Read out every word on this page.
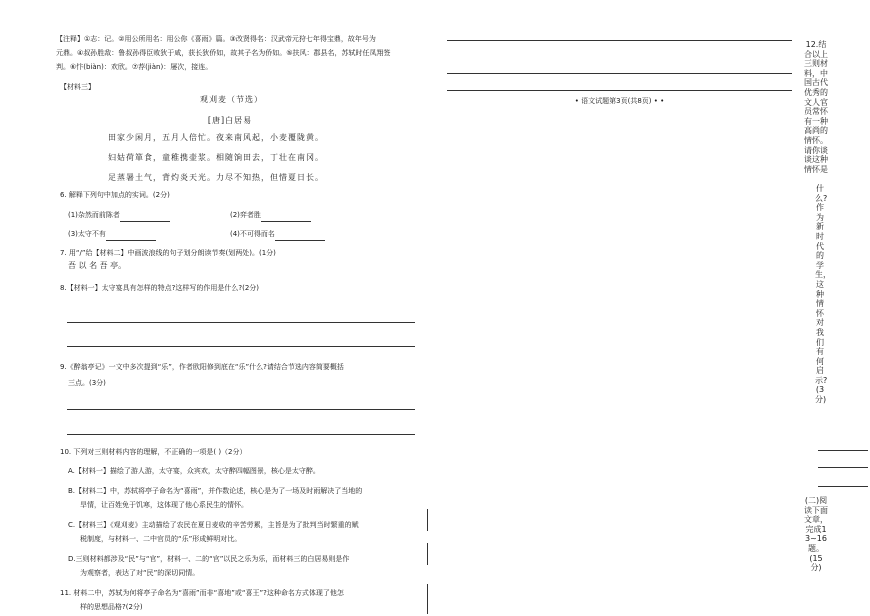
【注释】①志：记。②用公所用名：用公你《喜雨》篇。③改贤得名：汉武帝元狩七年得宝鼎，故年号为
元鼎。④叔孙胜敌：鲁叔孙得臣败狄于咸，获长狄侨如，故其子名为侨如。⑤扶风：郡县名，苏轼时任凤翔签
判。⑥忭(biàn)：欢欣。⑦荐(jiàn)：屡次，接连。
【材料三】
观刈麦（节选）
[唐]白居易
田家少闲月，五月人倍忙。夜来南风起，小麦覆陇黄。
妇姑荷箪食，童稚携壶浆。相随饷田去，丁壮在南冈。
足蒸暑土气，背灼炎天光。力尽不知热，但惜夏日长。
6. 解释下列句中加点的实词。(2分)
(1)杂然而前陈者	(2)弈者胜
(3)太守不有	(4)不可得而名
7. 用“/”给【材料二】中画波浪线的句子划分朗读节奏(划两处)。(1分)
吾 以 名 吾 亭。
8.【材料一】太守宴具有怎样的特点?这样写的作用是什么?(2分)
9.《醉翁亭记》一文中多次提到“乐”，作者欧阳修到底在“乐”什么?请结合节选内容简要概括
三点。(3分)
10. 下列对三则材料内容的理解，不正确的一项是( )（2分）
A.【材料一】描绘了游人游，太守宴，众宾欢，太守醉四幅图景，核心是太守醉。
B.【材料二】中，苏轼将亭子命名为“喜雨”，并作数论述，核心是为了一场及时雨解决了当地的
旱情，让百姓免于饥寒，这体现了他心系民生的情怀。
C.【材料三】《观刈麦》主动描绘了农民在夏日麦收的辛苦劳累，主旨是为了批判当时繁重的赋
税制度，与材料一、二中官员的“乐”形成鲜明对比。
D.三则材料都涉及“民”与“官”，材料一、二的“官”以民之乐为乐，而材料三的白居易则是作
为观察者，表达了对“民”的深切同情。
11. 材料二中，苏轼为何将亭子命名为“喜雨”而非“喜地”或“喜王”?这种命名方式体现了他怎
样的思想品格?(2分)
• 语文试题第3页(共8页) • •
12.结合以上三则材料，中国古代优秀的文人官员常怀有一种高尚的情怀。请你谈谈这种情怀是
什么?作为新时代的学生，这种情怀对我们有何启示?(3分)
(二)阅读下面文章，完成13~16题。(15分)
